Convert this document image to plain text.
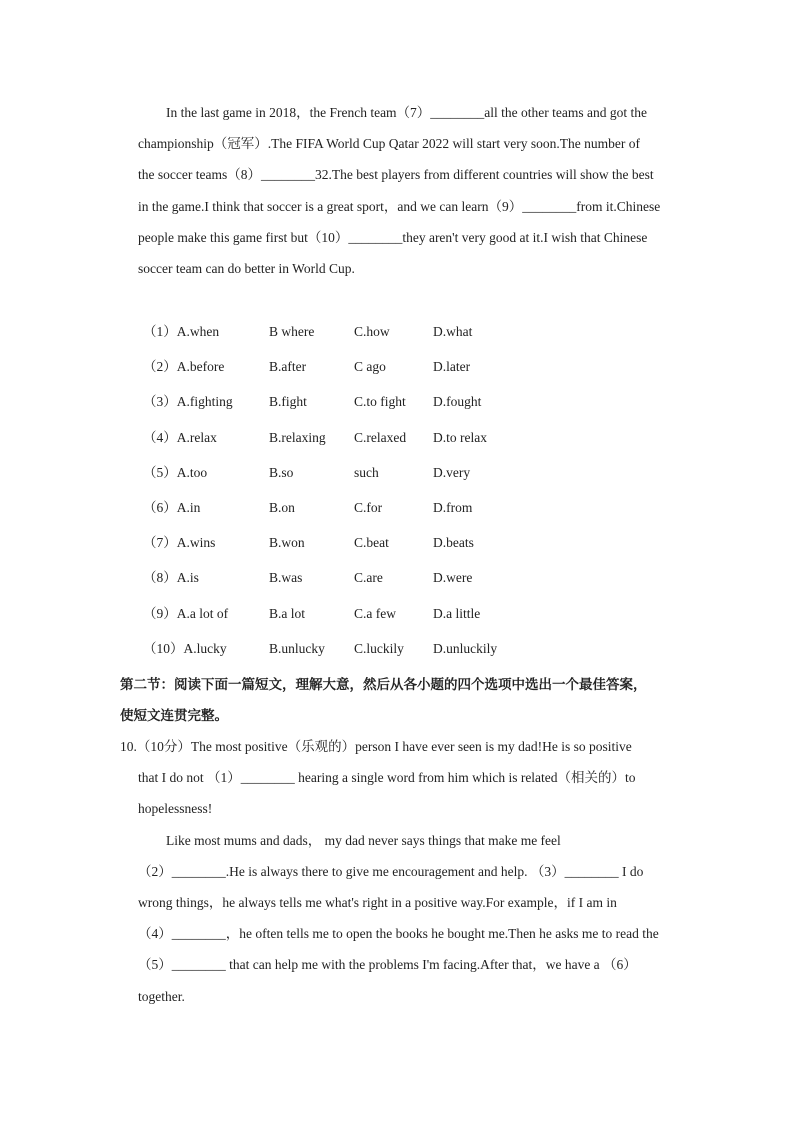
In the last game in 2018，the French team（7）________all the other teams and got the
championship（冠军）.The FIFA World Cup Qatar 2022 will start very soon.The number of
the soccer teams（8）________32.The best players from different countries will show the best
in the game.I think that soccer is a great sport，and we can learn（9）________from it.Chinese
people make this game first but（10）________they aren't very good at it.I wish that Chinese
soccer team can do better in World Cup.

（1）A.when	B where	C.how	D.what
（2）A.before	B.after	C ago	D.later
（3）A.fighting	B.fight	C.to fight D.fought
（4）A.relax	B.relaxing C.relaxed D.to relax
（5）A.too	B.so	such	D.very
（6）A.in	B.on	C.for	D.from
（7）A.wins	B.won	C.beat	D.beats
（8）A.is	B.was	C.are	D.were
（9）A.a lot of	B.a lot	C.a few	D.a little
（10）A.lucky	B.unlucky C.luckily D.unluckily

第二节：阅读下面一篇短文，理解大意，然后从各小题的四个选项中选出一个最佳答案，
使短文连贯完整。

10.（10分）The most positive（乐观的）person I have ever seen is my dad!He is so positive

that I do not （1）________ hearing a single word from him which is related（相关的）to

hopelessness!

Like most mums and dads， my dad never says things that make me feel

（2）________.He is always there to give me encouragement and help. （3）________ I do

wrong things，he always tells me what's right in a positive way.For example，if I am in

（4）________，he often tells me to open the books he bought me.Then he asks me to read the

（5）________ that can help me with the problems I'm facing.After that，we have a （6）

together.
